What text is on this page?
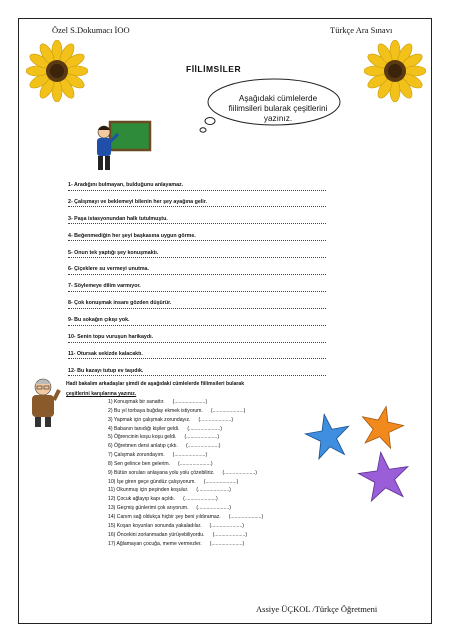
Özel S.Dokumacı İOO	Türkçe Ara Sınavı
FİİLİMSİLER
Aşağıdaki cümlelerde fiilimsileri bularak çeşitlerini yazınız.
1- Aradığını bulmayan, bulduğunu anlayamaz.
2- Çalışmayı ve beklemeyi bilenin her şey ayağına gelir.
3- Paşa istasyonundan halk tutulmuştu.
4- Beğenmediğin her şeyi başkasına uygun görme.
5- Onun tek yaptığı şey konuşmaktı.
6- Çiçeklere su vermeyi unutma.
7- Söylemeye dilim varmıyor.
8- Çok konuşmak insanı gözden düşürür.
9- Bu sokağın çıkışı yok.
10- Senin topu vuruşun harikaydı.
11- Otursak sekizde kalacaktı.
12- Bu kazayı tutup ev taşıdık.
Hadi bakalım arkadaşlar şimdi de aşağıdaki cümlelerde fiilimsileri bularak
çeşitlerini karşılarına yazınız.
1) Konuşmak bir sanattır. (......................)
2) Bu yıl torbaya buğday ekmek istiyorum. (......................)
3) Yapmak için çalışmak zorundayız. (......................)
4) Babanın tanıdığı kişiler geldi. (......................)
5) Öğrencinin koşu koşu geldi. (......................)
6) Öğretmen dersi anlatıp çıktı. (......................)
7) Çalışmak zorundayım. (......................)
8) Sen gelince ben gelerim. (......................)
9) Bütün soruları anlayana yolu yolu çözebiliriz. (......................)
10) İşe giren geçe gündüz çalışıyorum. (......................)
11) Okunmuş için peşinden koşulur. (......................)
12) Çocuk ağlayıp kapı açıldı. (......................)
13) Geçmiş günlerimi çok arıyorum. (......................)
14) Canım sağ oldukça hiçbir şey beni yıldıramaz. (......................)
15) Koşan koyunları sonunda yakaladılar. (......................)
16) Öncekini zorlanmadan yürüyebiliyordu. (......................)
17) Ağlamayan çocuğa, meme vermezler. (......................)
Assiye ÜÇKOL /Türkçe Öğretmeni
